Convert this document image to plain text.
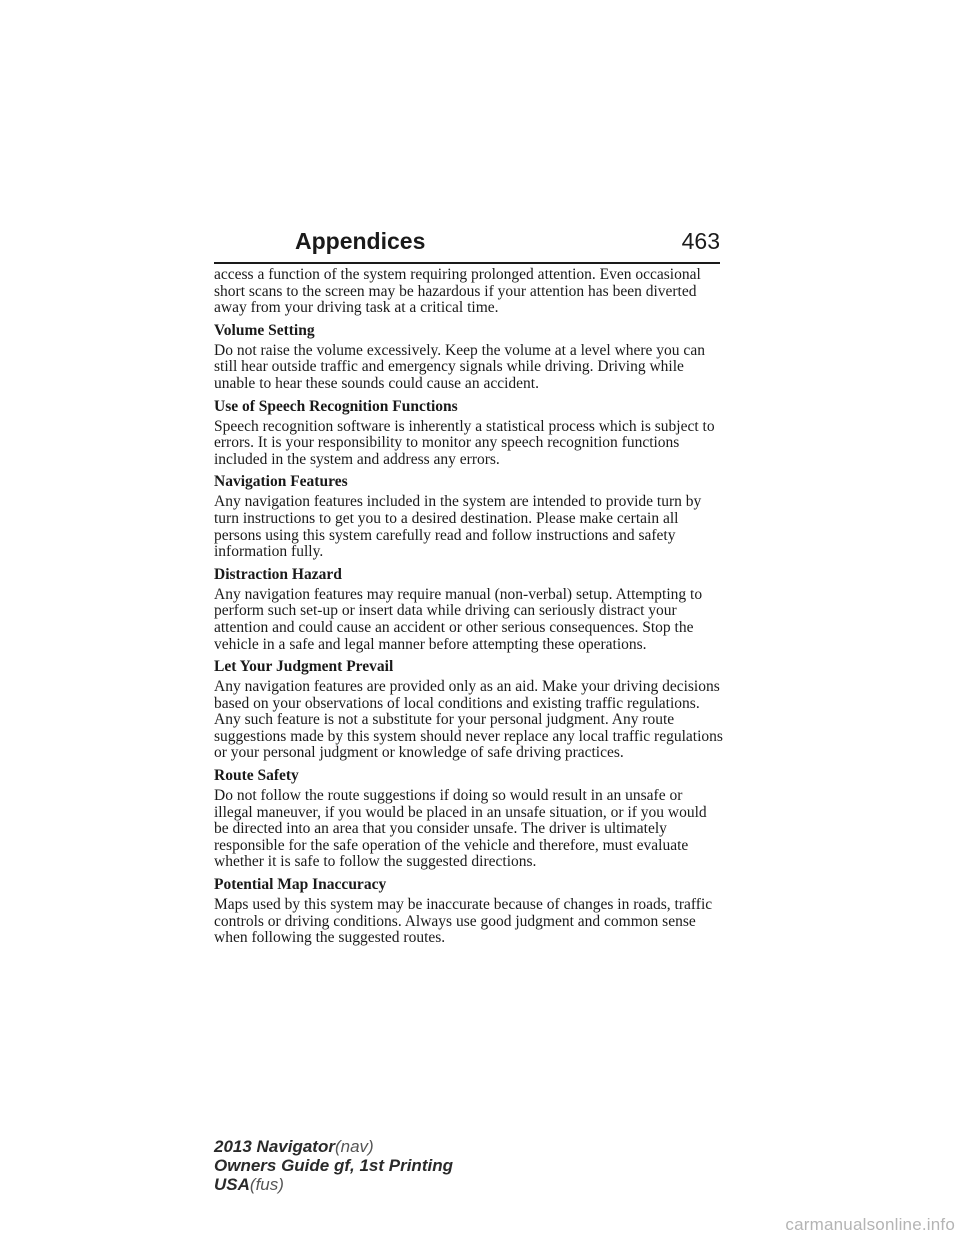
Appendices	463

access a function of the system requiring prolonged attention. Even occasional short scans to the screen may be hazardous if your attention has been diverted away from your driving task at a critical time.

Volume Setting

Do not raise the volume excessively. Keep the volume at a level where you can still hear outside traffic and emergency signals while driving. Driving while unable to hear these sounds could cause an accident.

Use of Speech Recognition Functions

Speech recognition software is inherently a statistical process which is subject to errors. It is your responsibility to monitor any speech recognition functions included in the system and address any errors.

Navigation Features

Any navigation features included in the system are intended to provide turn by turn instructions to get you to a desired destination. Please make certain all persons using this system carefully read and follow instructions and safety information fully.

Distraction Hazard

Any navigation features may require manual (non-verbal) setup. Attempting to perform such set-up or insert data while driving can seriously distract your attention and could cause an accident or other serious consequences. Stop the vehicle in a safe and legal manner before attempting these operations.

Let Your Judgment Prevail

Any navigation features are provided only as an aid. Make your driving decisions based on your observations of local conditions and existing traffic regulations. Any such feature is not a substitute for your personal judgment. Any route suggestions made by this system should never replace any local traffic regulations or your personal judgment or knowledge of safe driving practices.

Route Safety

Do not follow the route suggestions if doing so would result in an unsafe or illegal maneuver, if you would be placed in an unsafe situation, or if you would be directed into an area that you consider unsafe. The driver is ultimately responsible for the safe operation of the vehicle and therefore, must evaluate whether it is safe to follow the suggested directions.

Potential Map Inaccuracy

Maps used by this system may be inaccurate because of changes in roads, traffic controls or driving conditions. Always use good judgment and common sense when following the suggested routes.

2013 Navigator(nav)
Owners Guide gf, 1st Printing
USA(fus)
carmanualsonline.info
